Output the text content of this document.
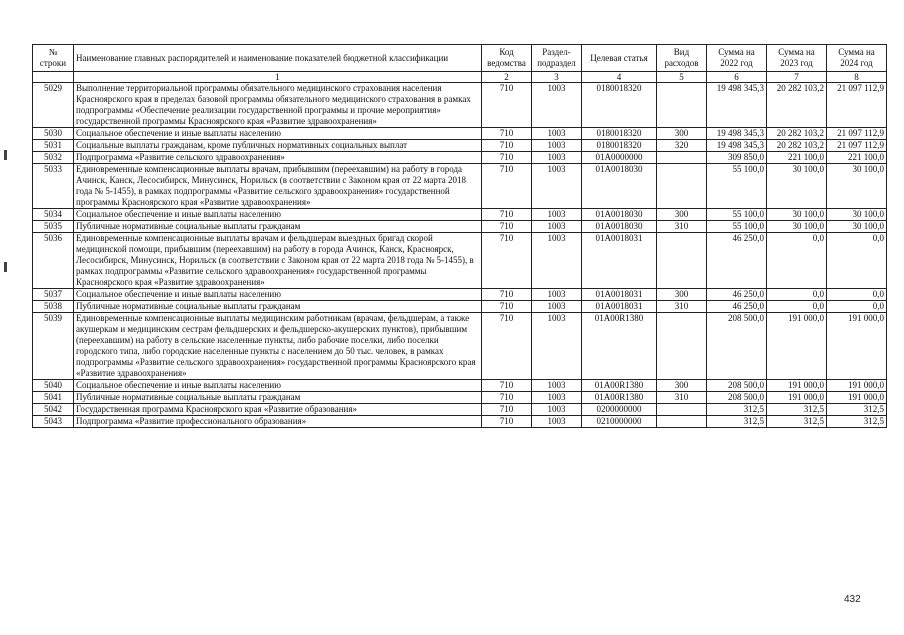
№ строки	Наименование главных распорядителей и наименование показателей бюджетной классификации	Код ведомства	Раздел-подраздел	Целевая статья	Вид расходов	Сумма на 2022 год	Сумма на 2023 год	Сумма на 2024 год
	1	2	3	4	5	6	7	8
5029	Выполнение территориальной программы обязательного медицинского страхования населения Красноярского края в пределах базовой программы обязательного медицинского страхования в рамках подпрограммы «Обеспечение реализации государственной программы и прочие мероприятия» государственной программы Красноярского края «Развитие здравоохранения»	710	1003	0180018320		19 498 345,3	20 282 103,2	21 097 112,9
5030	Социальное обеспечение и иные выплаты населению	710	1003	0180018320	300	19 498 345,3	20 282 103,2	21 097 112,9
5031	Социальные выплаты гражданам, кроме публичных нормативных социальных выплат	710	1003	0180018320	320	19 498 345,3	20 282 103,2	21 097 112,9
5032	Подпрограмма «Развитие сельского здравоохранения»	710	1003	01А0000000		309 850,0	221 100,0	221 100,0
5033	Единовременные компенсационные выплаты врачам, прибывшим (переехавшим) на работу в города Ачинск, Канск, Лесосибирск, Минусинск, Норильск (в соответствии с Законом края от 22 марта 2018 года № 5-1455), в рамках подпрограммы «Развитие сельского здравоохранения» государственной программы Красноярского края «Развитие здравоохранения»	710	1003	01А0018030		55 100,0	30 100,0	30 100,0
5034	Социальное обеспечение и иные выплаты населению	710	1003	01А0018030	300	55 100,0	30 100,0	30 100,0
5035	Публичные нормативные социальные выплаты гражданам	710	1003	01А0018030	310	55 100,0	30 100,0	30 100,0
5036	Единовременные компенсационные выплаты врачам и фельдшерам выездных бригад скорой медицинской помощи, прибывшим (переехавшим) на работу в города Ачинск, Канск, Красноярск, Лесосибирск, Минусинск, Норильск (в соответствии с Законом края от 22 марта 2018 года № 5-1455), в рамках подпрограммы «Развитие сельского здравоохранения» государственной программы Красноярского края «Развитие здравоохранения»	710	1003	01А0018031		46 250,0	0,0	0,0
5037	Социальное обеспечение и иные выплаты населению	710	1003	01А0018031	300	46 250,0	0,0	0,0
5038	Публичные нормативные социальные выплаты гражданам	710	1003	01А0018031	310	46 250,0	0,0	0,0
5039	Единовременные компенсационные выплаты медицинским работникам (врачам, фельдшерам, а также акушеркам и медицинским сестрам фельдшерских и фельдшерско-акушерских пунктов), прибывшим (переехавшим) на работу в сельские населенные пункты, либо рабочие поселки, либо поселки городского типа, либо городские населенные пункты с населением до 50 тыс. человек, в рамках подпрограммы «Развитие сельского здравоохранения» государственной программы Красноярского края «Развитие здравоохранения»	710	1003	01А00R1380		208 500,0	191 000,0	191 000,0
5040	Социальное обеспечение и иные выплаты населению	710	1003	01А00R1380	300	208 500,0	191 000,0	191 000,0
5041	Публичные нормативные социальные выплаты гражданам	710	1003	01А00R1380	310	208 500,0	191 000,0	191 000,0
5042	Государственная программа Красноярского края «Развитие образования»	710	1003	0200000000		312,5	312,5	312,5
5043	Подпрограмма «Развитие профессионального образования»	710	1003	0210000000		312,5	312,5	312,5
432
